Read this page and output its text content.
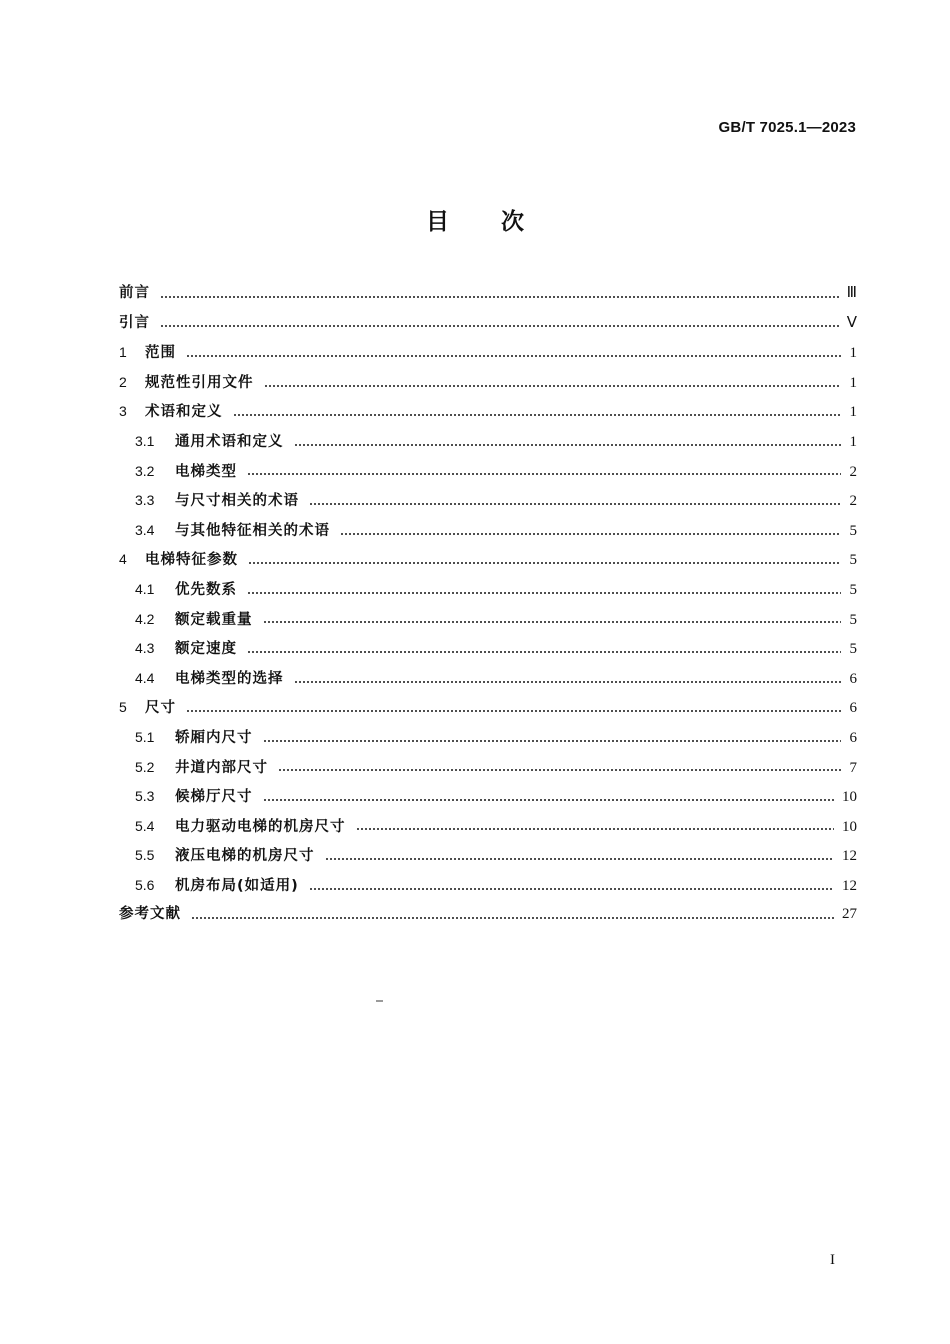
GB/T 7025.1—2023
目 次
前言	Ⅲ
引言	Ⅴ
1	范围	1
2	规范性引用文件	1
3	术语和定义	1
3.1	通用术语和定义	1
3.2	电梯类型	2
3.3	与尺寸相关的术语	2
3.4	与其他特征相关的术语	5
4	电梯特征参数	5
4.1	优先数系	5
4.2	额定载重量	5
4.3	额定速度	5
4.4	电梯类型的选择	6
5	尺寸	6
5.1	轿厢内尺寸	6
5.2	井道内部尺寸	7
5.3	候梯厅尺寸	10
5.4	电力驱动电梯的机房尺寸	10
5.5	液压电梯的机房尺寸	12
5.6	机房布局(如适用)	12
参考文献	27
I
